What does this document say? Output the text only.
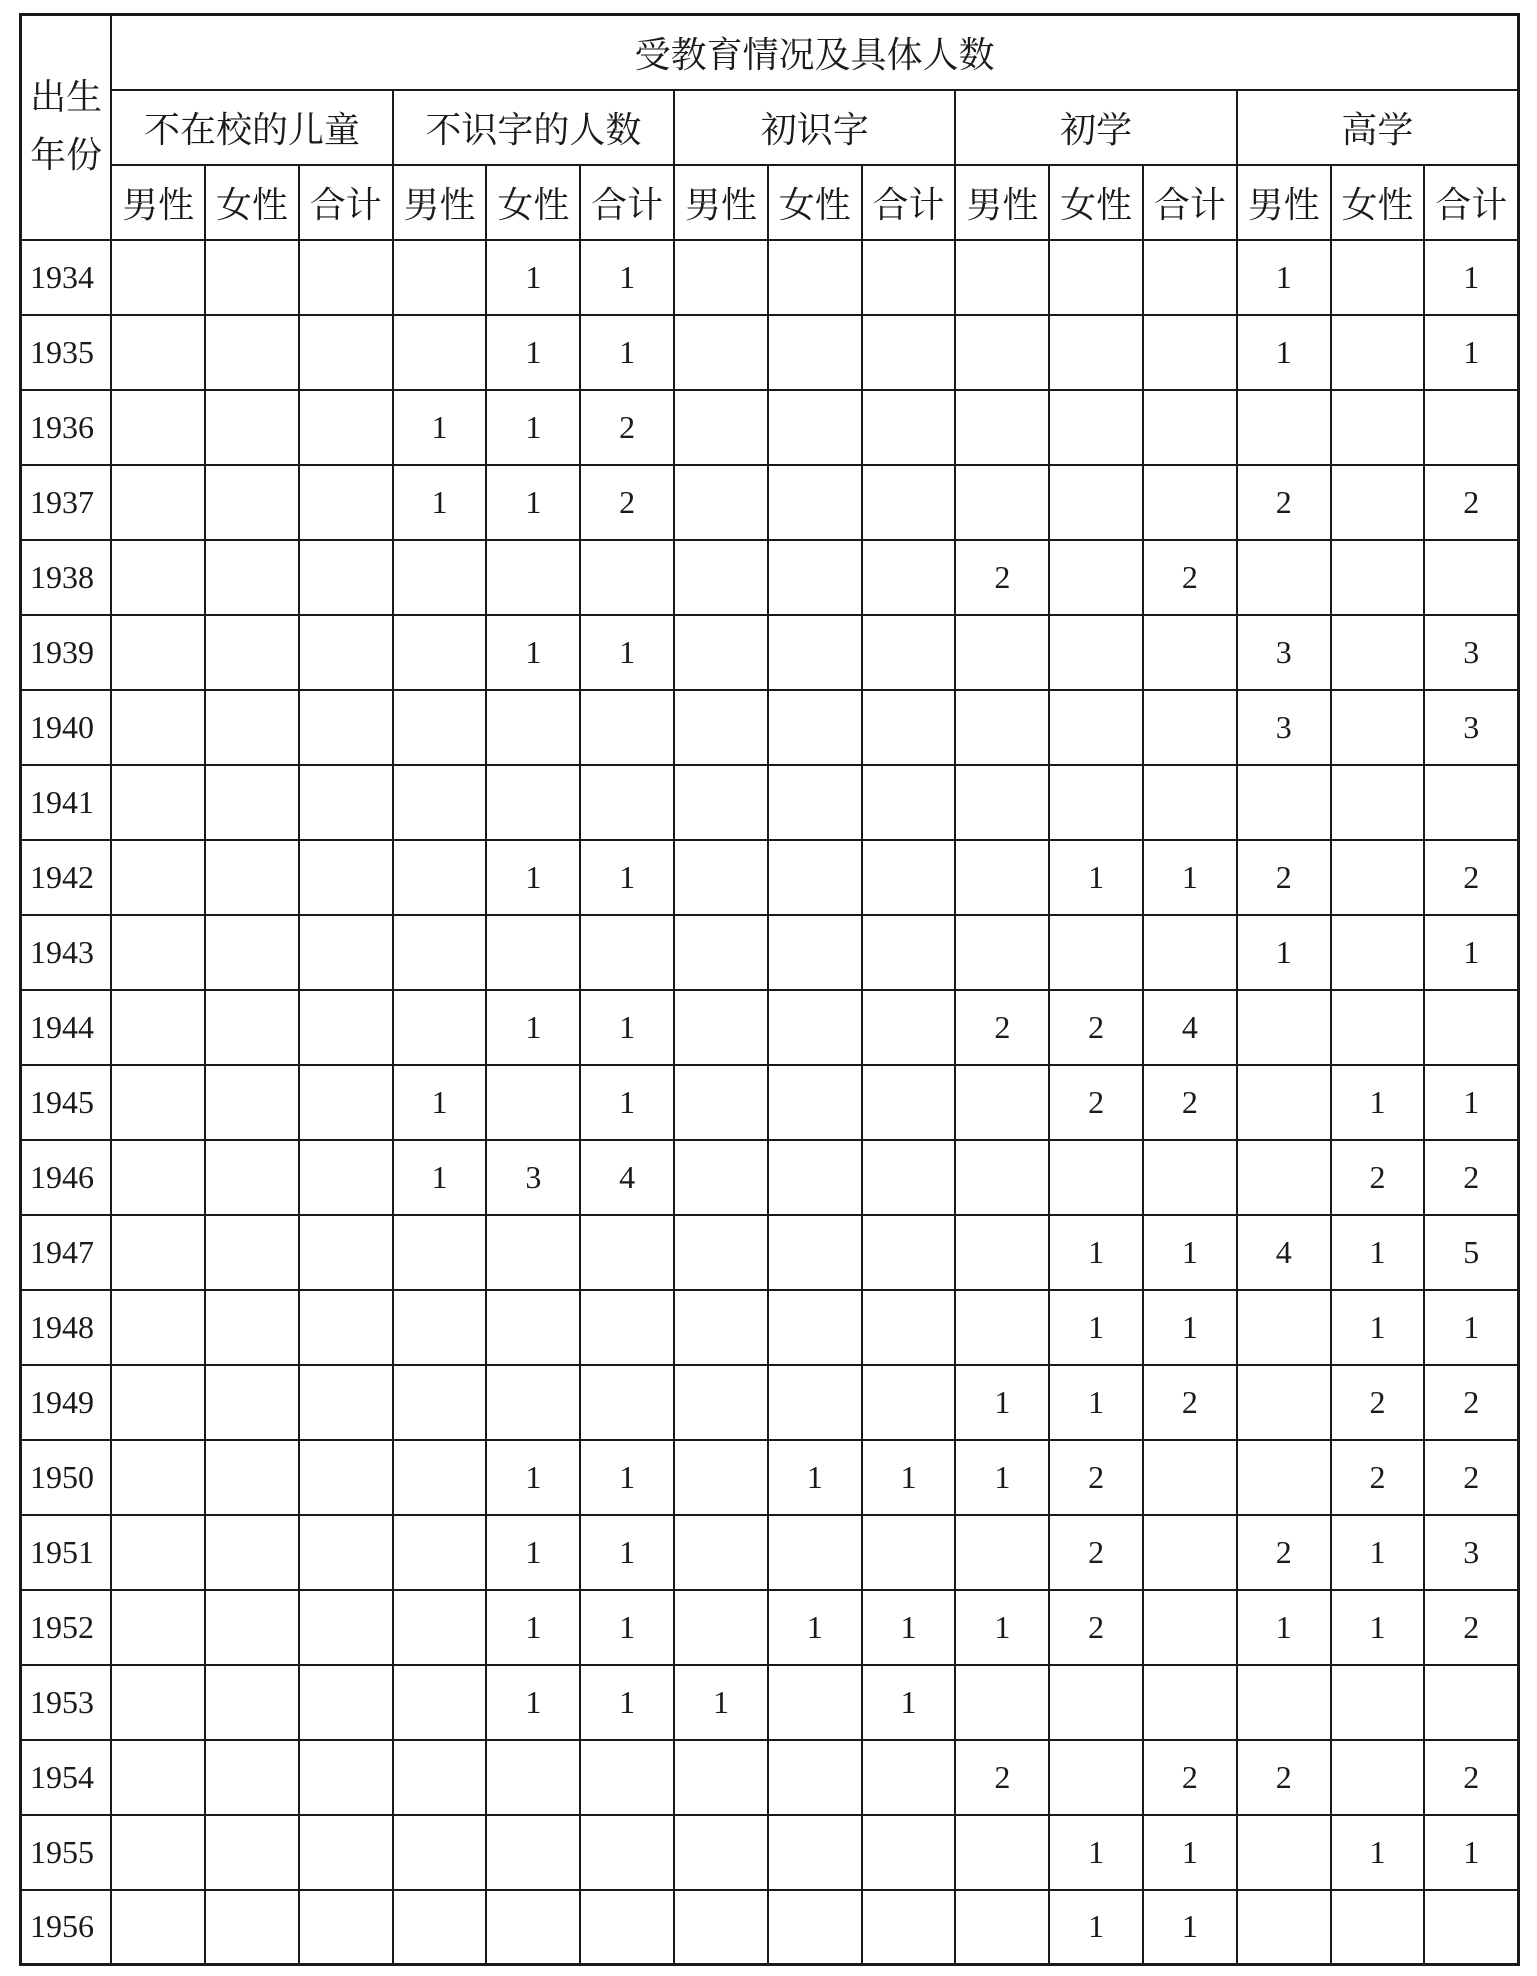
出生
年份	受教育情况及具体人数														
	不在校的儿童			不识字的人数			初识字			初学			高学		
	男性	女性	合计	男性	女性	合计	男性	女性	合计	男性	女性	合计	男性	女性	合计
1934					1	1							1		1
1935					1	1							1		1
1936				1	1	2									
1937				1	1	2							2		2
1938										2		2			
1939					1	1							3		3
1940													3		3
1941															
1942					1	1					1	1	2		2
1943													1		1
1944					1	1				2	2	4			
1945				1		1					2	2		1	1
1946				1	3	4								2	2
1947											1	1	4	1	5
1948											1	1		1	1
1949										1	1	2		2	2
1950					1	1		1	1	1	2			2	2
1951					1	1					2		2	1	3
1952					1	1		1	1	1	2		1	1	2
1953					1	1	1		1						
1954										2		2	2		2
1955											1	1		1	1
1956											1	1			
